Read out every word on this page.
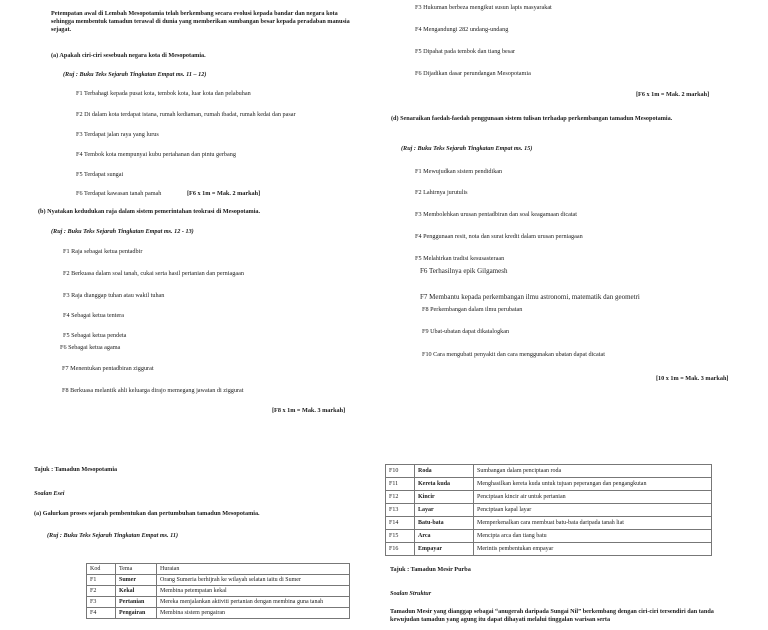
Petempatan awal di Lembah Mesopotamia telah berkembang secara evolusi kepada bandar dan negara kota sehingga membentuk tamadun terawal di dunia yang memberikan sumbangan besar kepada peradaban manusia sejagat.
(a) Apakah ciri-ciri sesebuah negara kota di Mesopotamia.
(Ruj : Buku Teks Sejarah Tingkatan Empat ms. 11 – 12)
F1 Terbahagi kepada pusat kota, tembok kota, luar kota dan pelabuhan
F2 Di dalam kota terdapat istana, rumah kediaman, rumah ibadat, rumah kedai dan pasar
F3 Terdapat jalan raya yang lurus
F4 Tembok kota mempunyai kubu pertahanan dan pintu gerbang
F5 Terdapat sungai
F6 Terdapat kawasan tanah pamah	[F6 x 1m = Mak. 2 markah]
(b) Nyatakan kedudukan raja dalam sistem pemerintahan teokrasi di Mesopotamia.
(Ruj : Buku Teks Sejarah Tingkatan Empat ms. 12 - 13)
F1 Raja sebagai ketua pentadbir
F2 Berkuasa dalam soal tanah, cukai serta hasil pertanian dan perniagaan
F3 Raja dianggap tuhan atau wakil tuhan
F4 Sebagai ketua tentera
F5 Sebagai ketua pendeta
F6 Sebagai ketua agama
F7 Menentukan pentadbiran ziggurat
F8 Berkuasa melantik ahli keluarga dirajo memegang jawatan di ziggurat
[F8 x 1m = Mak. 3 markah]
F3 Hukuman berbeza mengikut susun lapis masyarakat
F4 Mengandungi 282 undang-undang
F5 Dipahat pada tembok dan tiang besar
F6 Dijadikan dasar perundangan Mesopotamia
[F6 x 1m = Mak. 2 markah]
(d) Senaraikan faedah-faedah penggunaan sistem tulisan terhadap perkembangan tamadun Mesopotamia.
(Ruj : Buku Teks Sejarah Tingkatan Empat ms. 15)
F1 Mewujudkan sistem pendidikan
F2 Lahirnya jurutulis
F3 Membolehkan urusan pentadbiran dan soal keagamaan dicatat
F4 Penggunaan resit, nota dan surat kredit dalam urusan perniagaan
F5 Melahirkan tradisi kesusasteraan
F6 Terhasilnya epik Gilgamesh
F7 Membantu kepada perkembangan ilmu astronomi, matematik dan geometri
F8 Perkembangan dalam ilmu perubatan
F9 Ubat-ubatan dapat dikatalogkan
F10 Cara mengubati penyakit dan cara menggunakan ubatan dapat dicatat
[10 x 1m = Mak. 3 markah]
Tajuk : Tamadun Mesopotamia
Soalan Esei
(a) Galurkan proses sejarah pembentukan dan pertumbuhan tamadun Mesopotamia.
(Ruj : Buku Teks Sejarah Tingkatan Empat ms. 11)
Kod	Tema	Huraian
F1	Sumer	Orang Sumeria berhijrah ke wilayah selatan iaitu di Sumer
F2	Kekal	Membina petempatan kekal
F3	Pertanian	Mereka menjalankan aktiviti pertanian dengan membina guna tanah
F4	Pengairan	Membina sistem pengairan
F10	Roda	Sumbangan dalam penciptaan roda
F11	Kereta kuda	Menghasilkan kereta kuda untuk tujuan peperangan dan pengangkutan
F12	Kincir	Penciptaan kincir air untuk pertanian
F13	Layar	Penciptaan kapal layar
F14	Batu-bata	Memperkenalkan cara membuat batu-bata daripada tanah liat
F15	Arca	Mencipta arca dan tiang batu
F16	Empayar	Merintis pembentukan empayar
Tajuk : Tamadun Mesir Purba
Soalan Struktur
Tamadun Mesir yang dianggap sebagai “anugerah daripada Sungai Nil” berkembang dengan ciri-ciri tersendiri dan tanda kewujudan tamadun yang agung itu dapat dihayati melalui tinggalan warisan serta
